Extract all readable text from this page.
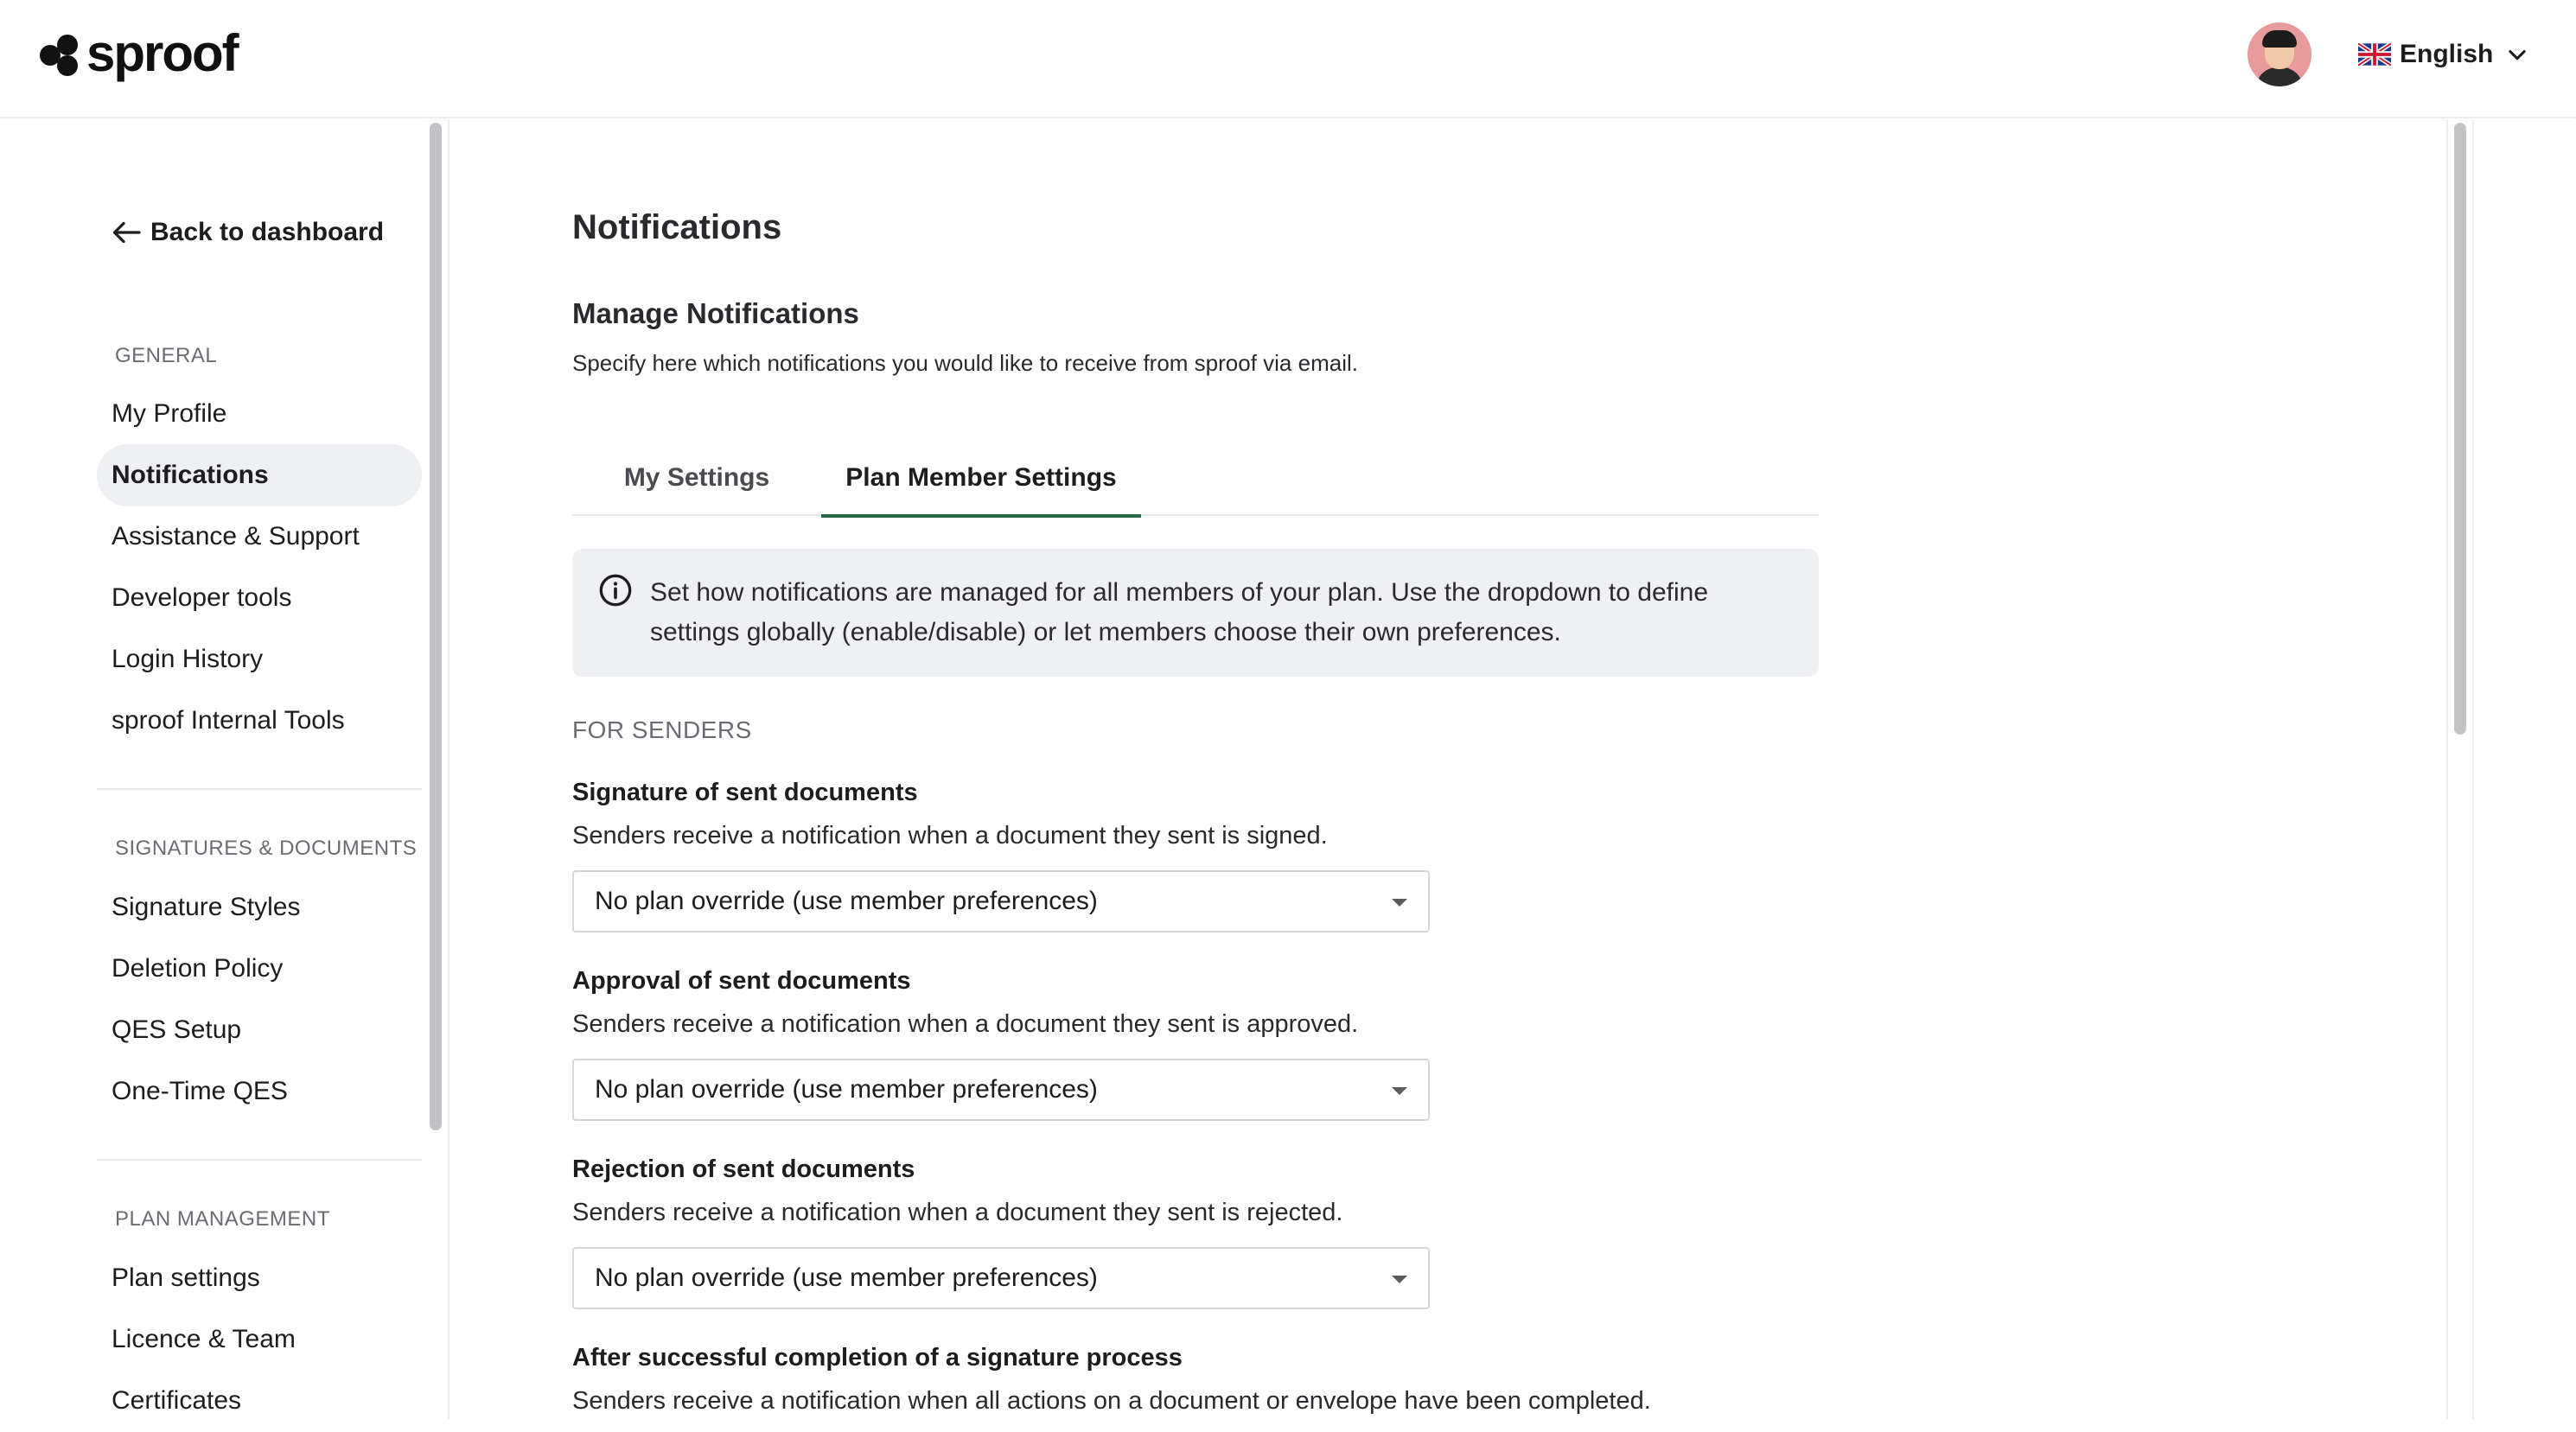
sproof	English
Back to dashboard
GENERAL
My Profile
Notifications
Assistance & Support
Developer tools
Login History
sproof Internal Tools
SIGNATURES & DOCUMENTS
Signature Styles
Deletion Policy
QES Setup
One-Time QES
PLAN MANAGEMENT
Plan settings
Licence & Team
Certificates
Notifications
Manage Notifications
Specify here which notifications you would like to receive from sproof via email.
My Settings	Plan Member Settings
Set how notifications are managed for all members of your plan. Use the dropdown to define
settings globally (enable/disable) or let members choose their own preferences.
FOR SENDERS
Signature of sent documents
Senders receive a notification when a document they sent is signed.
No plan override (use member preferences)
Approval of sent documents
Senders receive a notification when a document they sent is approved.
No plan override (use member preferences)
Rejection of sent documents
Senders receive a notification when a document they sent is rejected.
No plan override (use member preferences)
After successful completion of a signature process
Senders receive a notification when all actions on a document or envelope have been completed.
